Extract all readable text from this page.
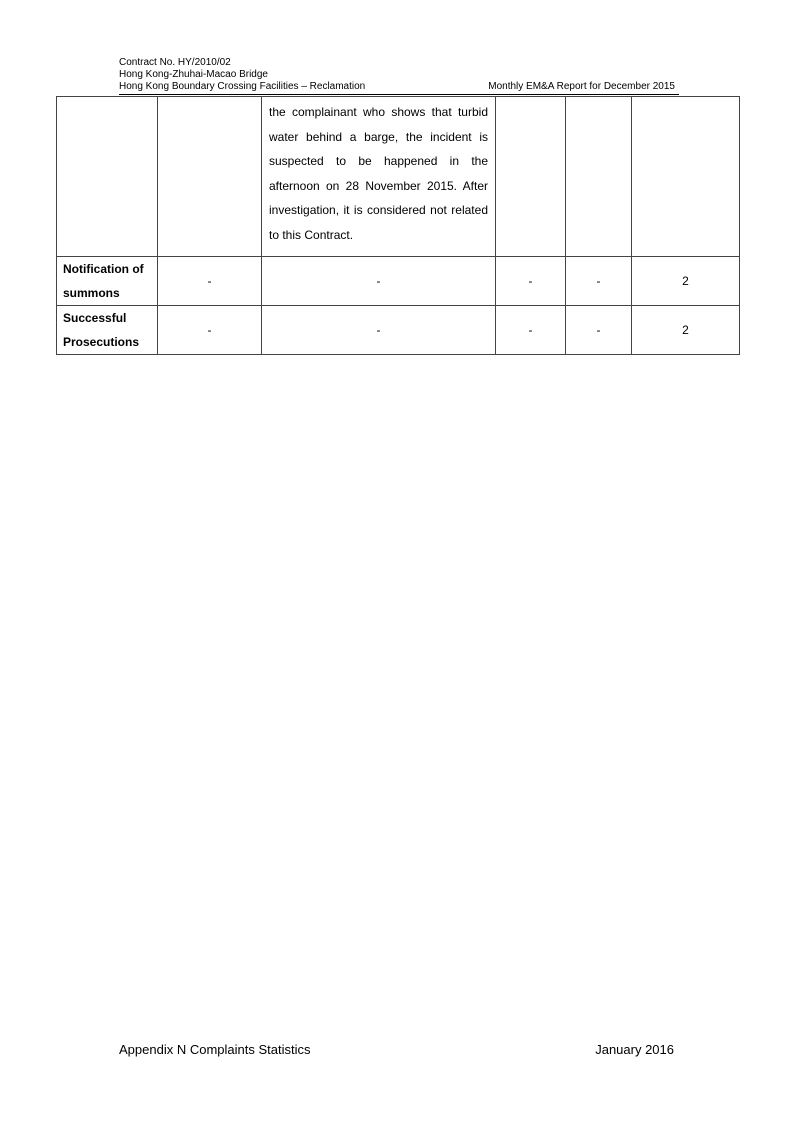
Contract No. HY/2010/02
Hong Kong-Zhuhai-Macao Bridge
Hong Kong Boundary Crossing Facilities – Reclamation	Monthly EM&A Report for December 2015
		the complainant who shows that turbid water behind a barge, the incident is suspected to be happened in the afternoon on 28 November 2015. After investigation, it is considered not related to this Contract.			

Notification of
summons	-	-	-	-	2

Successful
Prosecutions	-	-	-	-	2
Appendix N Complaints Statistics	January 2016
